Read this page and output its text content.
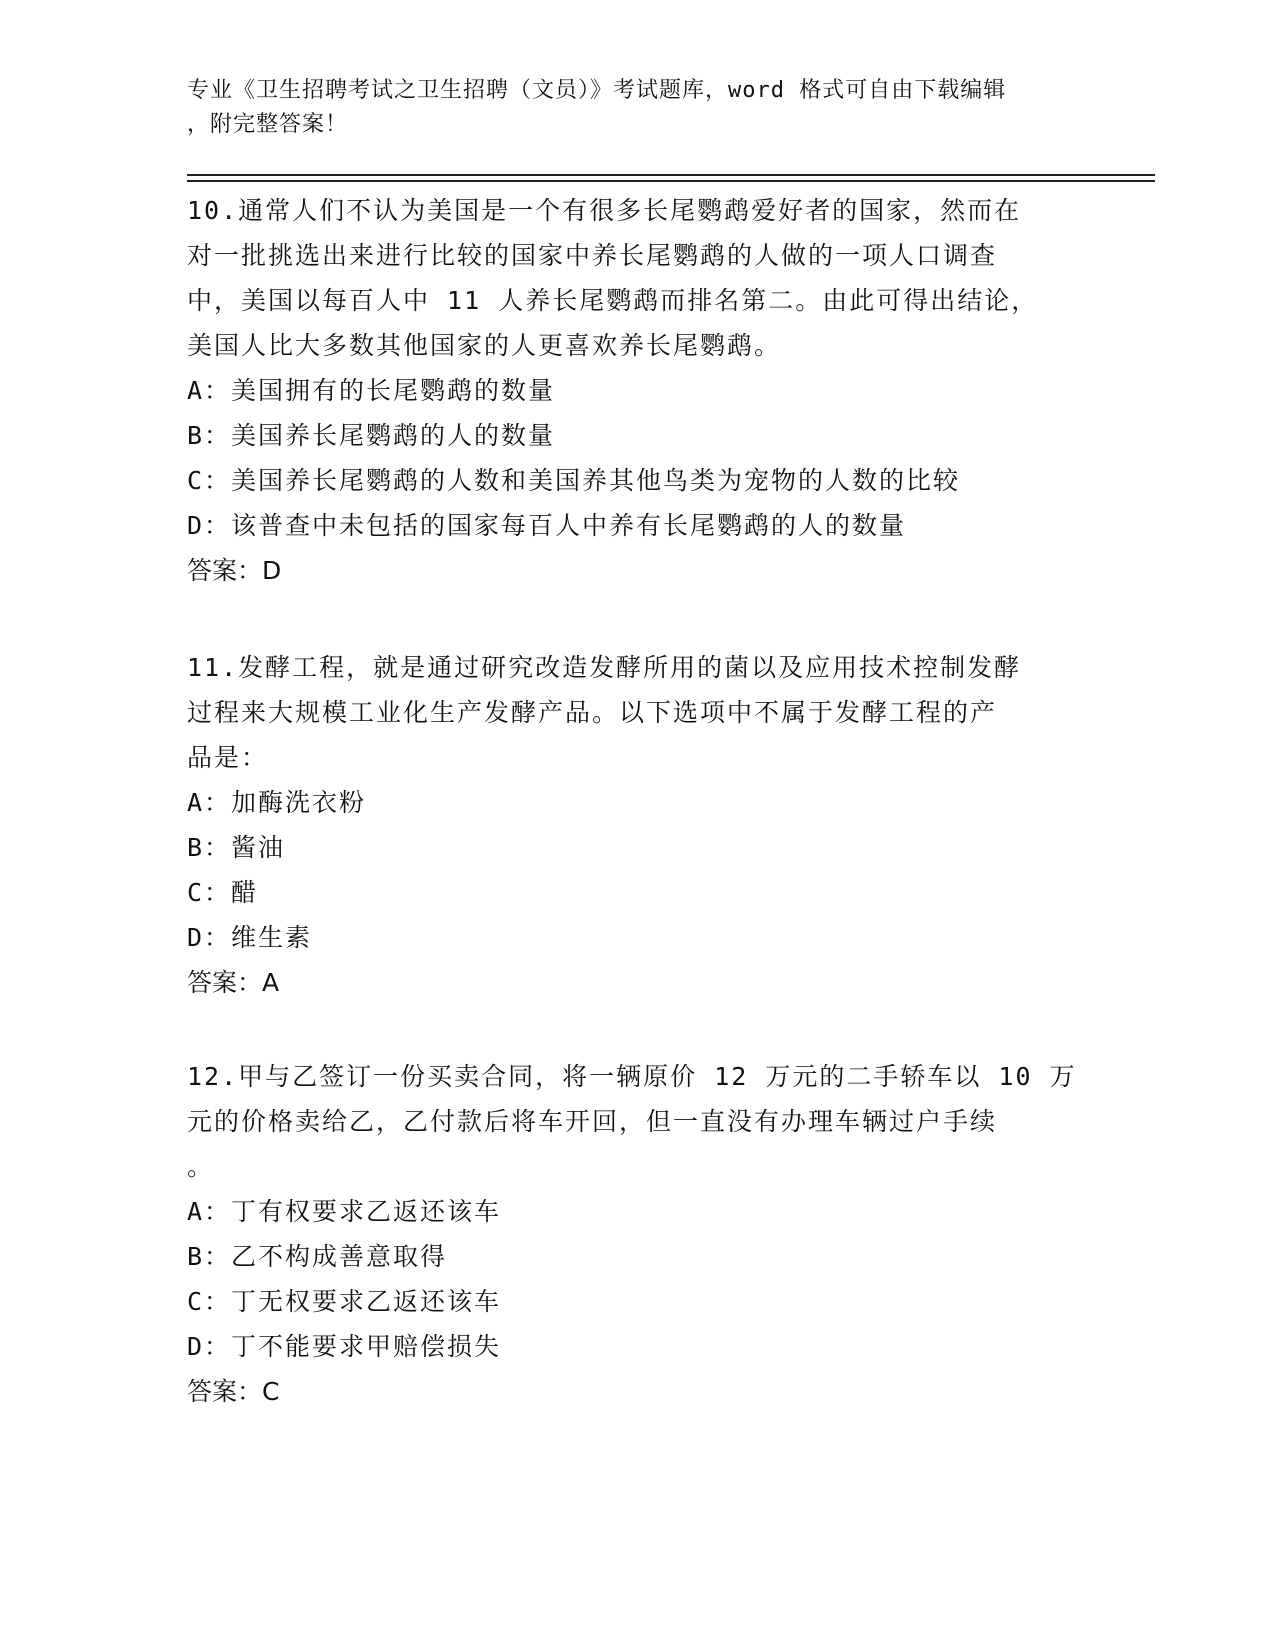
专业《卫生招聘考试之卫生招聘（文员）》考试题库，word 格式可自由下载编辑
，附完整答案！
10.通常人们不认为美国是一个有很多长尾鹦鹉爱好者的国家，然而在
对一批挑选出来进行比较的国家中养长尾鹦鹉的人做的一项人口调查
中，美国以每百人中 11 人养长尾鹦鹉而排名第二。由此可得出结论，
美国人比大多数其他国家的人更喜欢养长尾鹦鹉。
A：美国拥有的长尾鹦鹉的数量
B：美国养长尾鹦鹉的人的数量
C：美国养长尾鹦鹉的人数和美国养其他鸟类为宠物的人数的比较
D：该普查中未包括的国家每百人中养有长尾鹦鹉的人的数量
答案：D
11.发酵工程，就是通过研究改造发酵所用的菌以及应用技术控制发酵
过程来大规模工业化生产发酵产品。以下选项中不属于发酵工程的产
品是：
A：加酶洗衣粉
B：酱油
C：醋
D：维生素
答案：A
12.甲与乙签订一份买卖合同，将一辆原价 12 万元的二手轿车以 10 万
元的价格卖给乙，乙付款后将车开回，但一直没有办理车辆过户手续
。
A：丁有权要求乙返还该车
B：乙不构成善意取得
C：丁无权要求乙返还该车
D：丁不能要求甲赔偿损失
答案：C
